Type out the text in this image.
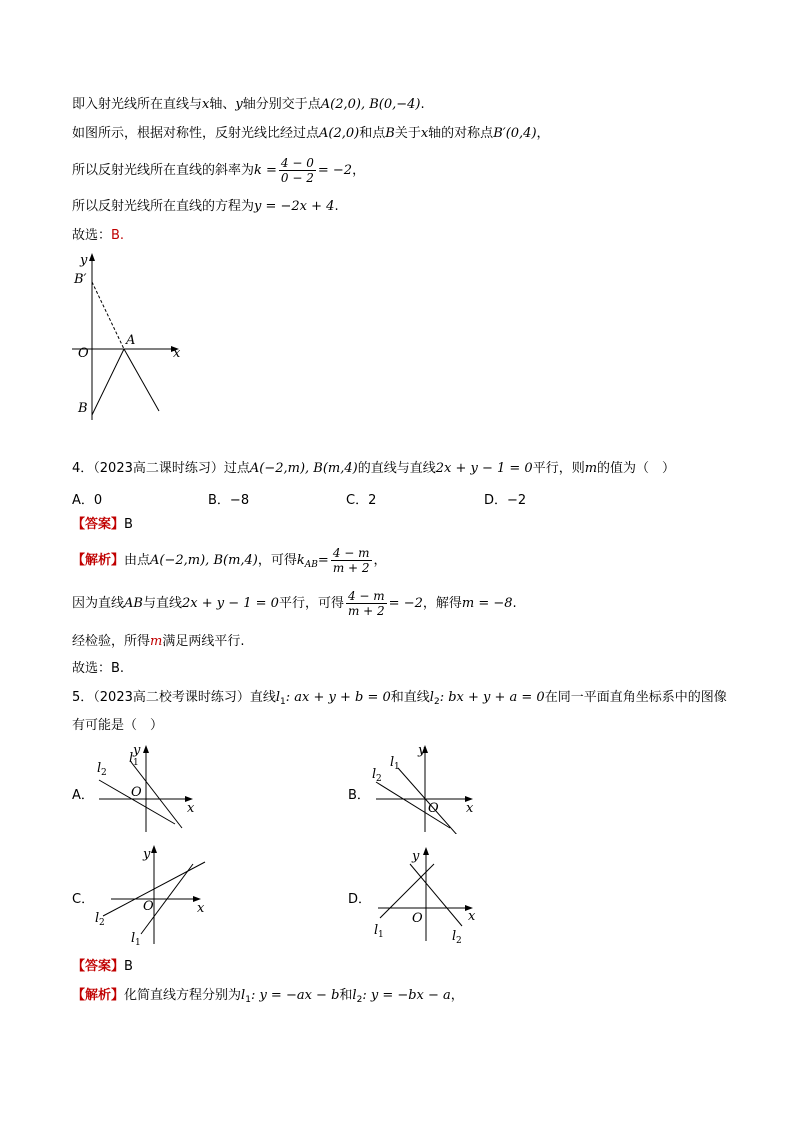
即入射光线所在直线与x轴、y轴分别交于点A(2,0), B(0,−4).
如图所示，根据对称性，反射光线比经过点A(2,0)和点B关于x轴的对称点B′(0,4)，
所以反射光线所在直线的斜率为$k = \frac{4 - 0}{0 - 2} = -2$，
所以反射光线所在直线的方程为y = −2x + 4.
故选：B.
y
B′
O
A
x
B
4．（2023高二课时练习）过点A(−2,m), B(m,4)的直线与直线2x + y − 1 = 0平行，则m的值为（　）
A．0	B．−8	C．2	D．−2
【答案】B
【解析】由点A(−2,m), B(m,4)，可得$k_{AB}= \frac{4 - m}{m + 2}$ ，
因为直线AB与直线2x + y − 1 = 0平行，可得 $\frac{4 - m}{m + 2} = -2$，解得m = −8.
经检验，所得m满足两线平行.
故选：B.
5．（2023高二校考课时练习）直线$l_1$: ax + y + b = 0和直线$l_2$: bx + y + a = 0在同一平面直角坐标系中的图像
有可能是（　）
A．
y
l 1
l 2
O
x
B．
y
l 1
l 2
O x
C．
y
O	x
l 2
l 1
D．
y
O	x
l 1	l 2
【答案】B
【解析】化简直线方程分别为$l_1$: y = −ax − b和$l_2$: y = −bx − a，
